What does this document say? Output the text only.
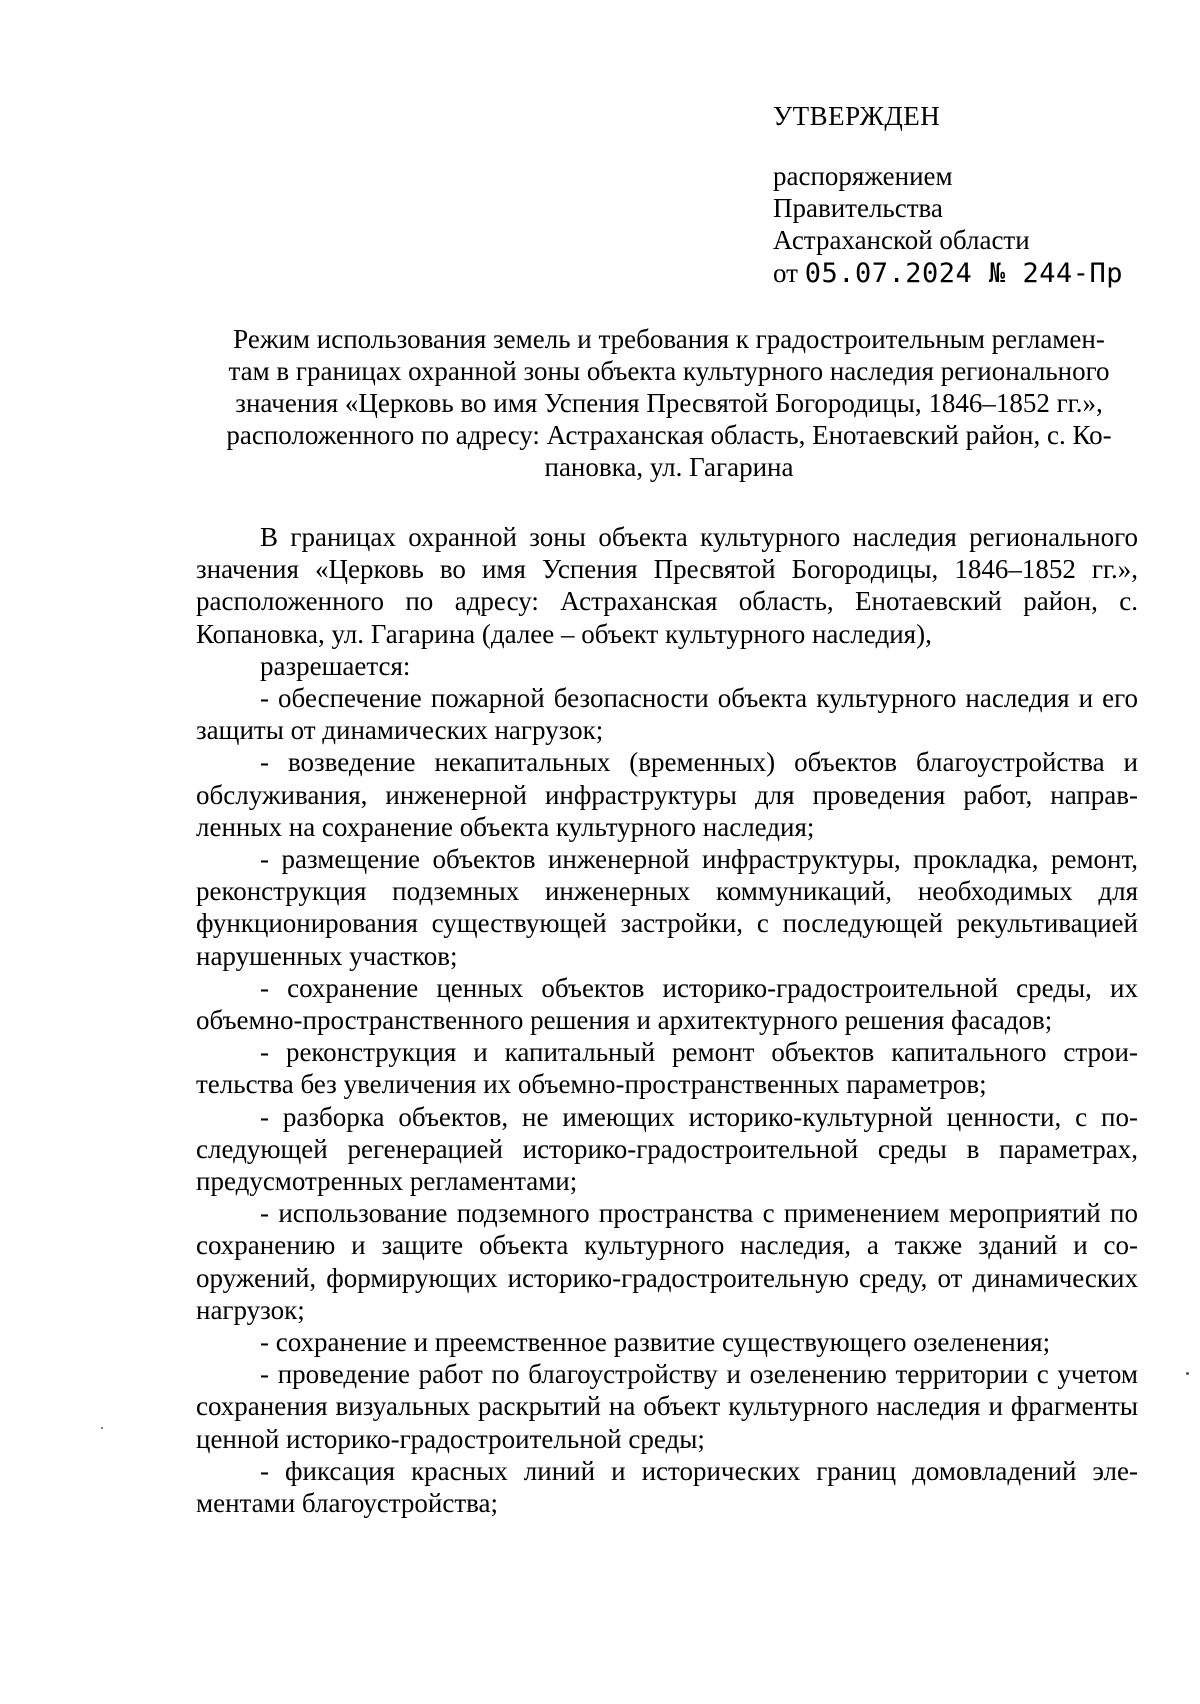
УТВЕРЖДЕН
распоряжением
Правительства
Астраханской области
от 05.07.2024 № 244-Пр
Режим использования земель и требования к градостроительным регламен-
там в границах охранной зоны объекта культурного наследия регионального
значения «Церковь во имя Успения Пресвятой Богородицы, 1846–1852 гг.»,
расположенного по адресу: Астраханская область, Енотаевский район, с. Ко-
пановка, ул. Гагарина

В границах охранной зоны объекта культурного наследия регионального значения «Церковь во имя Успения Пресвятой Богородицы, 1846–1852 гг.», расположенного по адресу: Астраханская область, Енотаевский район, с. Копановка, ул. Гагарина (далее – объект культурного наследия),

разрешается:

- обеспечение пожарной безопасности объекта культурного наследия и его защиты от динамических нагрузок;

- возведение некапитальных (временных) объектов благоустройства и обслуживания, инженерной инфраструктуры для проведения работ, направленных на сохранение объекта культурного наследия;

- размещение объектов инженерной инфраструктуры, прокладка, ремонт, реконструкция подземных инженерных коммуникаций, необходимых для функционирования существующей застройки, с последующей рекультивацией нарушенных участков;

- сохранение ценных объектов историко-градостроительной среды, их объемно-пространственного решения и архитектурного решения фасадов;

- реконструкция и капитальный ремонт объектов капитального строительства без увеличения их объемно-пространственных параметров;

- разборка объектов, не имеющих историко-культурной ценности, с последующей регенерацией историко-градостроительной среды в параметрах, предусмотренных регламентами;

- использование подземного пространства с применением мероприятий по сохранению и защите объекта культурного наследия, а также зданий и сооружений, формирующих историко-градостроительную среду, от динамических нагрузок;

- сохранение и преемственное развитие существующего озеленения;

- проведение работ по благоустройству и озеленению территории с учетом сохранения визуальных раскрытий на объект культурного наследия и фрагменты ценной историко-градостроительной среды;

- фиксация красных линий и исторических границ домовладений элементами благоустройства;
